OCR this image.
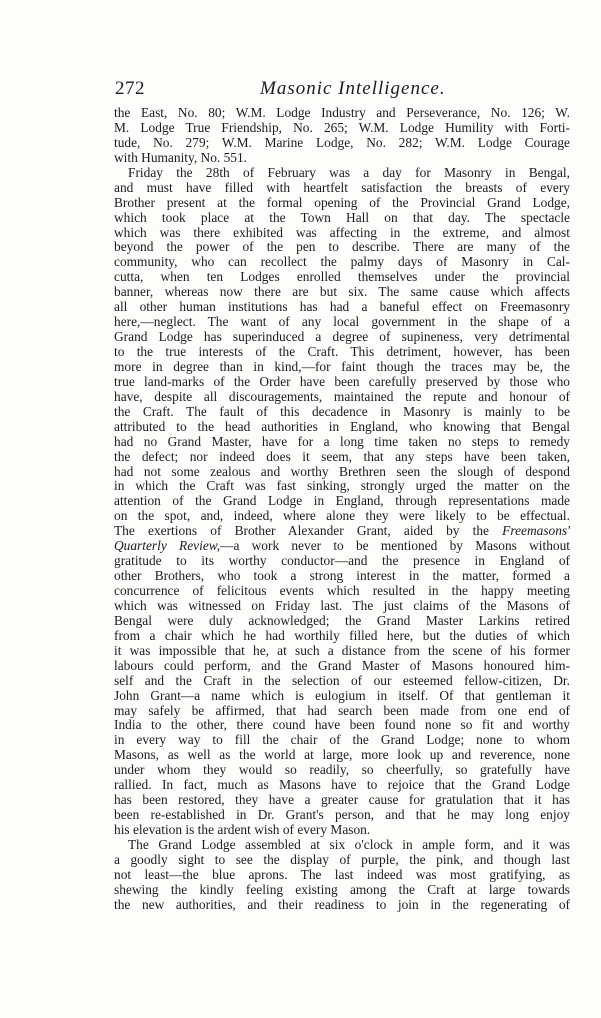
272	Masonic Intelligence.
the East, No. 80; W.M. Lodge Industry and Perseverance, No. 126; W.
M. Lodge True Friendship, No. 265; W.M. Lodge Humility with Forti-
tude, No. 279; W.M. Marine Lodge, No. 282; W.M. Lodge Courage
with Humanity, No. 551.
Friday the 28th of February was a day for Masonry in Bengal,
and must have filled with heartfelt satisfaction the breasts of every
Brother present at the formal opening of the Provincial Grand Lodge,
which took place at the Town Hall on that day. The spectacle
which was there exhibited was affecting in the extreme, and almost
beyond the power of the pen to describe. There are many of the
community, who can recollect the palmy days of Masonry in Cal-
cutta, when ten Lodges enrolled themselves under the provincial
banner, whereas now there are but six. The same cause which affects
all other human institutions has had a baneful effect on Freemasonry
here,—neglect. The want of any local government in the shape of a
Grand Lodge has superinduced a degree of supineness, very detrimental
to the true interests of the Craft. This detriment, however, has been
more in degree than in kind,—for faint though the traces may be, the
true land-marks of the Order have been carefully preserved by those who
have, despite all discouragements, maintained the repute and honour of
the Craft. The fault of this decadence in Masonry is mainly to be
attributed to the head authorities in England, who knowing that Bengal
had no Grand Master, have for a long time taken no steps to remedy
the defect; nor indeed does it seem, that any steps have been taken,
had not some zealous and worthy Brethren seen the slough of despond
in which the Craft was fast sinking, strongly urged the matter on the
attention of the Grand Lodge in England, through representations made
on the spot, and, indeed, where alone they were likely to be effectual.
The exertions of Brother Alexander Grant, aided by the Freemasons'
Quarterly Review,—a work never to be mentioned by Masons without
gratitude to its worthy conductor—and the presence in England of
other Brothers, who took a strong interest in the matter, formed a
concurrence of felicitous events which resulted in the happy meeting
which was witnessed on Friday last. The just claims of the Masons of
Bengal were duly acknowledged; the Grand Master Larkins retired
from a chair which he had worthily filled here, but the duties of which
it was impossible that he, at such a distance from the scene of his former
labours could perform, and the Grand Master of Masons honoured him-
self and the Craft in the selection of our esteemed fellow-citizen, Dr.
John Grant—a name which is eulogium in itself. Of that gentleman it
may safely be affirmed, that had search been made from one end of
India to the other, there cound have been found none so fit and worthy
in every way to fill the chair of the Grand Lodge; none to whom
Masons, as well as the world at large, more look up and reverence, none
under whom they would so readily, so cheerfully, so gratefully have
rallied. In fact, much as Masons have to rejoice that the Grand Lodge
has been restored, they have a greater cause for gratulation that it has
been re-established in Dr. Grant's person, and that he may long enjoy
his elevation is the ardent wish of every Mason.
The Grand Lodge assembled at six o'clock in ample form, and it was
a goodly sight to see the display of purple, the pink, and though last
not least—the blue aprons. The last indeed was most gratifying, as
shewing the kindly feeling existing among the Craft at large towards
the new authorities, and their readiness to join in the regenerating of
